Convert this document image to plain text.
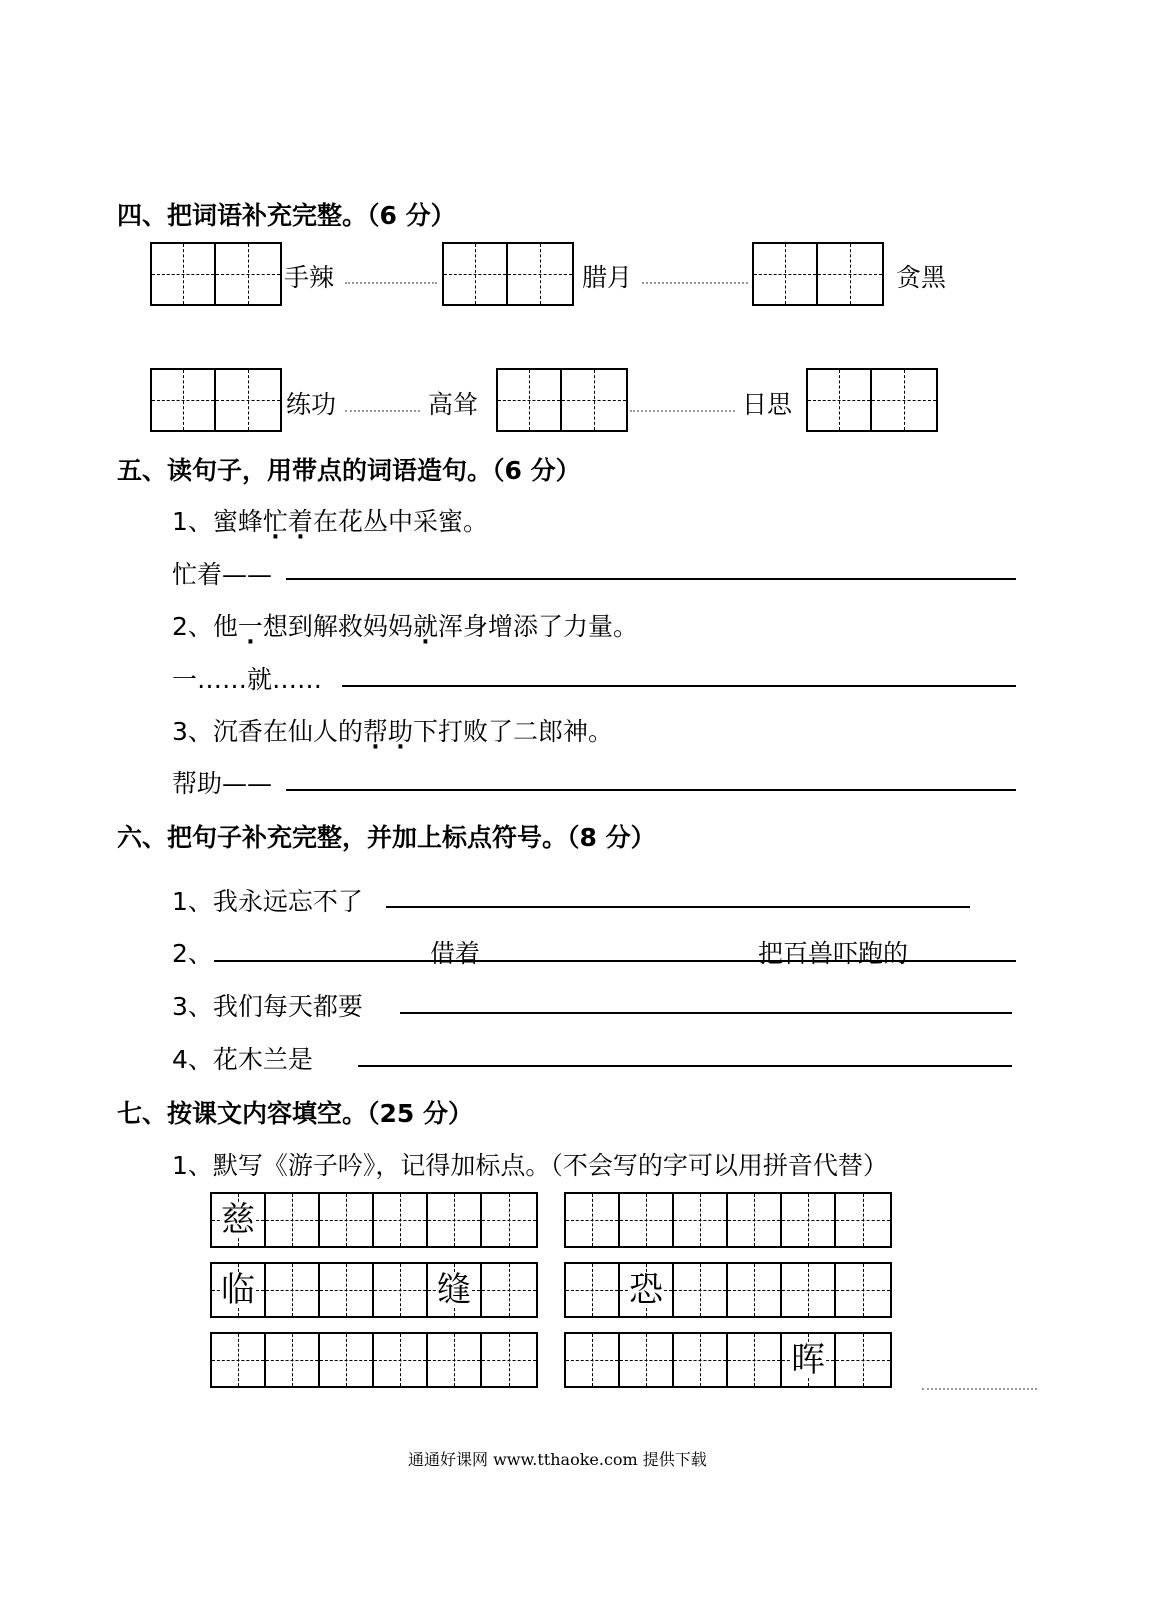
四、把词语补充完整。（6 分）
手辣	腊月	贪黑
练功	高耸	日思
五、读句子，用带点的词语造句。（6 分）
1、蜜蜂忙着在花丛中采蜜。
忙着——
2、他一想到解救妈妈就浑身增添了力量。
一……就……
3、沉香在仙人的帮助下打败了二郎神。
帮助——
六、把句子补充完整，并加上标点符号。（8 分）
1、我永远忘不了
2、	借着	把百兽吓跑的
3、我们每天都要
4、花木兰是
七、按课文内容填空。（25 分）
1、默写《游子吟》，记得加标点。（不会写的字可以用拼音代替）
慈
临	缝	恐
晖
通通好课网 www.tthaoke.com 提供下载
